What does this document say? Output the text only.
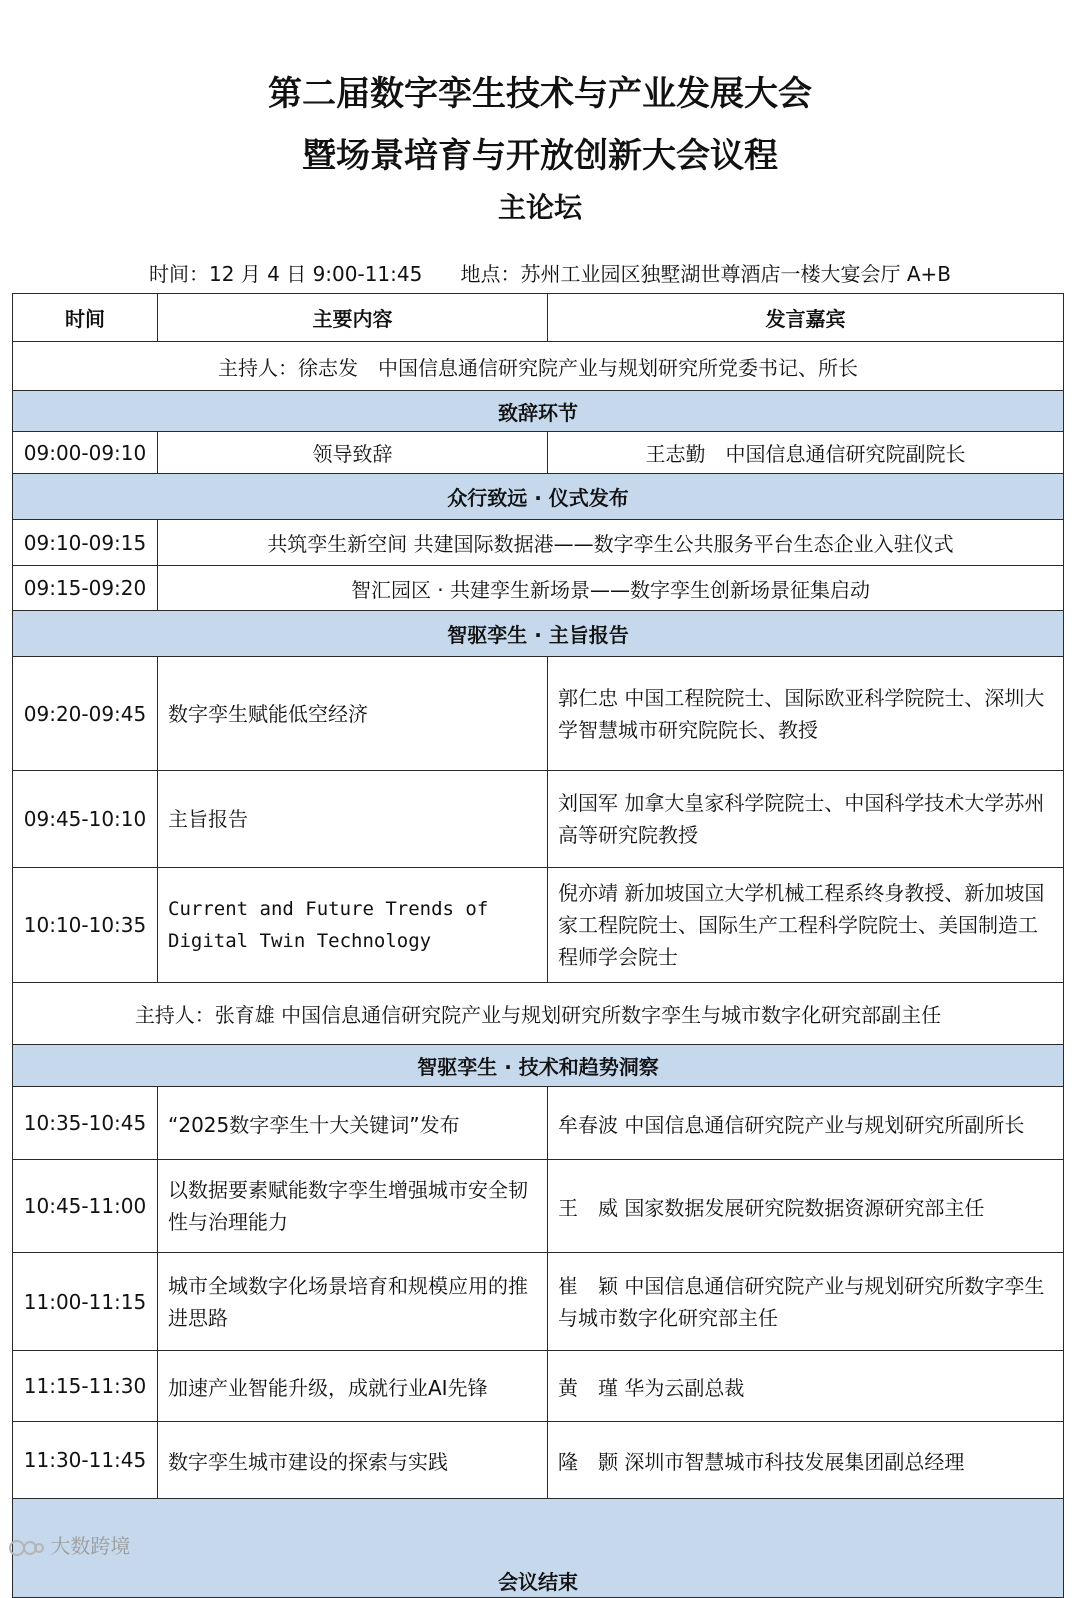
第二届数字孪生技术与产业发展大会
暨场景培育与开放创新大会议程
主论坛
时间：12 月 4 日 9:00-11:45 地点：苏州工业园区独墅湖世尊酒店一楼大宴会厅 A+B
时间	主要内容	发言嘉宾
主持人：徐志发　中国信息通信研究院产业与规划研究所党委书记、所长		
致辞环节		
09:00-09:10	领导致辞	王志勤　中国信息通信研究院副院长
众行致远 · 仪式发布		
09:10-09:15	共筑孪生新空间 共建国际数据港——数字孪生公共服务平台生态企业入驻仪式	
09:15-09:20	智汇园区 · 共建孪生新场景——数字孪生创新场景征集启动	
智驱孪生 · 主旨报告		
09:20-09:45	数字孪生赋能低空经济	郭仁忠 中国工程院院士、国际欧亚科学院院士、深圳大学智慧城市研究院院长、教授
09:45-10:10	主旨报告	刘国军 加拿大皇家科学院院士、中国科学技术大学苏州高等研究院教授
10:10-10:35	Current and Future Trends of Digital Twin Technology	倪亦靖 新加坡国立大学机械工程系终身教授、新加坡国家工程院院士、国际生产工程科学院院士、美国制造工程师学会院士
主持人：张育雄 中国信息通信研究院产业与规划研究所数字孪生与城市数字化研究部副主任		
智驱孪生 · 技术和趋势洞察		
10:35-10:45	“2025数字孪生十大关键词”发布	牟春波 中国信息通信研究院产业与规划研究所副所长
10:45-11:00	以数据要素赋能数字孪生增强城市安全韧性与治理能力	王　威 国家数据发展研究院数据资源研究部主任
11:00-11:15	城市全域数字化场景培育和规模应用的推进思路	崔　颖 中国信息通信研究院产业与规划研究所数字孪生与城市数字化研究部主任
11:15-11:30	加速产业智能升级，成就行业AI先锋	黄　瑾 华为云副总裁
11:30-11:45	数字孪生城市建设的探索与实践	隆　颢 深圳市智慧城市科技发展集团副总经理
会议结束		
大数跨境
